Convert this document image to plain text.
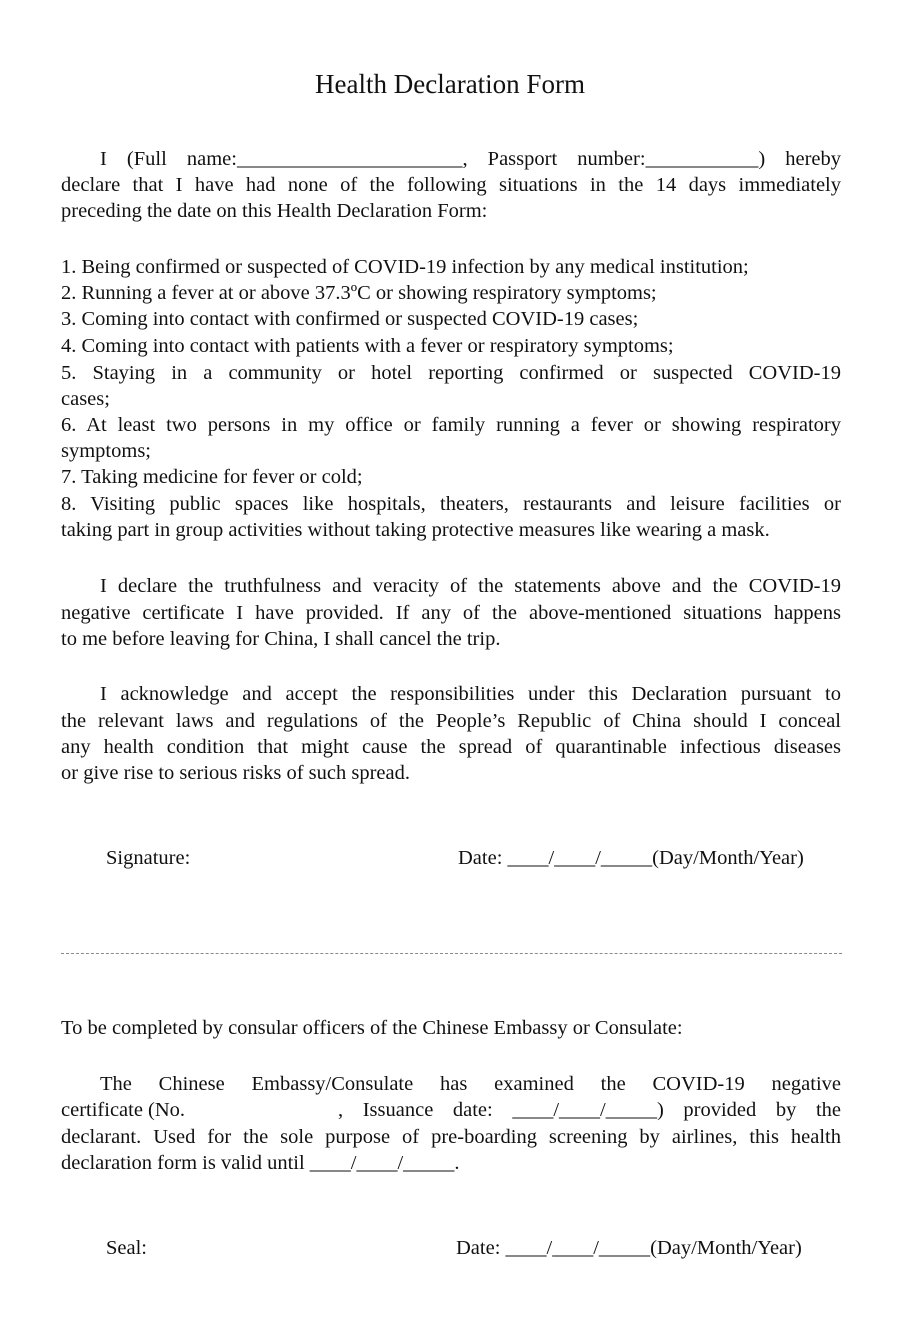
Health Declaration Form
I (Full name:______________________, Passport number:___________) hereby
declare that I have had none of the following situations in the 14 days immediately
preceding the date on this Health Declaration Form:
1. Being confirmed or suspected of COVID-19 infection by any medical institution;
2. Running a fever at or above 37.3ºC or showing respiratory symptoms;
3. Coming into contact with confirmed or suspected COVID-19 cases;
4. Coming into contact with patients with a fever or respiratory symptoms;
5. Staying in a community or hotel reporting confirmed or suspected COVID-19
cases;
6. At least two persons in my office or family running a fever or showing respiratory
symptoms;
7. Taking medicine for fever or cold;
8. Visiting public spaces like hospitals, theaters, restaurants and leisure facilities or
taking part in group activities without taking protective measures like wearing a mask.
I declare the truthfulness and veracity of the statements above and the COVID-19
negative certificate I have provided. If any of the above-mentioned situations happens
to me before leaving for China, I shall cancel the trip.
I acknowledge and accept the responsibilities under this Declaration pursuant to
the relevant laws and regulations of the People’s Republic of China should I conceal
any health condition that might cause the spread of quarantinable infectious diseases
or give rise to serious risks of such spread.
Signature:	Date: ____/____/_____(Day/Month/Year)
To be completed by consular officers of the Chinese Embassy or Consulate:
The Chinese Embassy/Consulate has examined the COVID-19 negative
certificate (No.	, Issuance date: ____/____/_____) provided by the
declarant. Used for the sole purpose of pre-boarding screening by airlines, this health
declaration form is valid until ____/____/_____.
Seal:	Date: ____/____/_____(Day/Month/Year)
